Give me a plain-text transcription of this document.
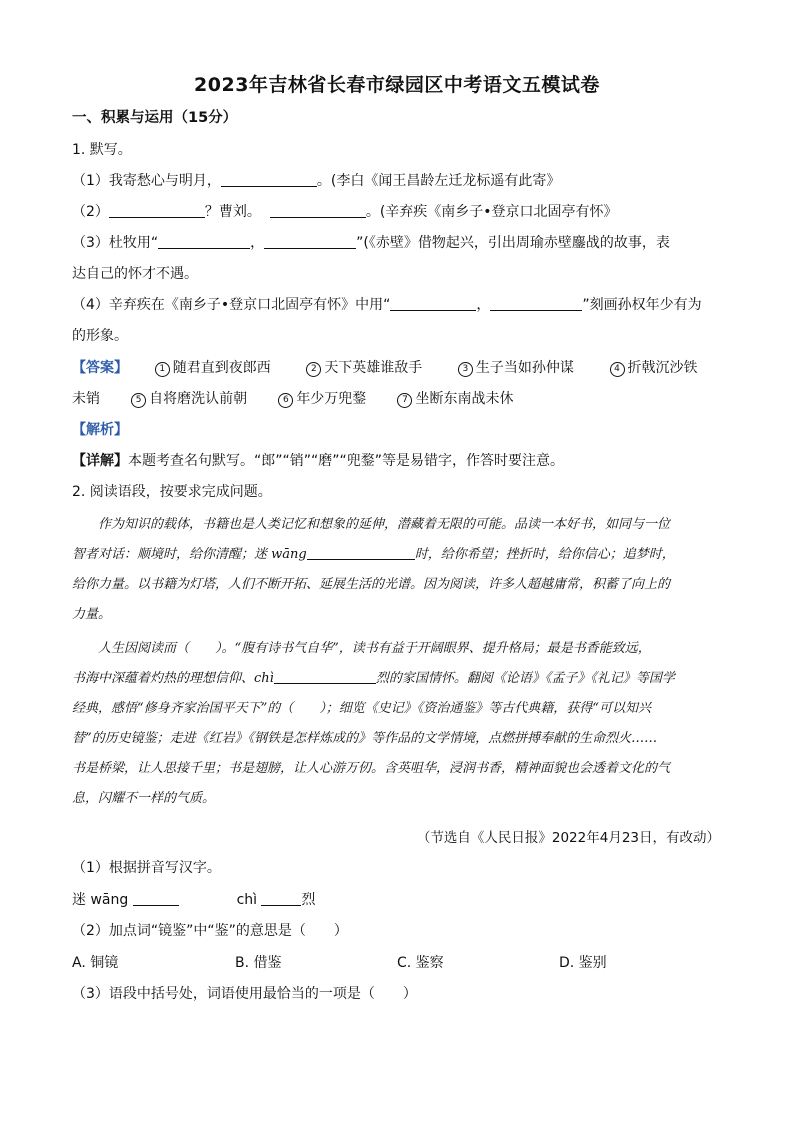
2023年吉林省长春市绿园区中考语文五模试卷
一、积累与运用（15分）
1. 默写。
（1）我寄愁心与明月，	。(李白《闻王昌龄左迁龙标遥有此寄》
（2）	？曹刘。	。(辛弃疾《南乡子•登京口北固亭有怀》
（3）杜牧用“	，	”(《赤壁》借物起兴，引出周瑜赤壁鏖战的故事，表
达自己的怀才不遇。
（4）辛弃疾在《南乡子•登京口北固亭有怀》中用“	，	”刻画孙权年少有为
的形象。
【答案】	1 随君直到夜郎西	2 天下英雄谁敌手	3 生子当如孙仲谋	4 折戟沉沙铁
未销	5 自将磨洗认前朝	6 年少万兜鍪	7 坐断东南战未休
【解析】
【详解】本题考查名句默写。“郎”“销”“磨”“兜鍪”等是易错字，作答时要注意。
2. 阅读语段，按要求完成问题。
作为知识的载体，书籍也是人类记忆和想象的延伸，潜藏着无限的可能。品读一本好书，如同与一位
智者对话：顺境时，给你清醒；迷 wāng	时，给你希望；挫折时，给你信心；追梦时，
给你力量。以书籍为灯塔，人们不断开拓、延展生活的光谱。因为阅读，许多人超越庸常，积蓄了向上的
力量。
人生因阅读而（　　）。“腹有诗书气自华”，读书有益于开阔眼界、提升格局；最是书香能致远，
书海中深蕴着灼热的理想信仰、chì	烈的家国情怀。翻阅《论语》《孟子》《礼记》等国学
经典，感悟“修身齐家治国平天下”的（　　）；细览《史记》《资治通鉴》等古代典籍，获得“可以知兴
替”的历史镜鉴 ·；走进《红岩》《钢铁是怎样炼成的》等作品的文学情境，点燃拼搏奉献的生命烈火……
书是桥梁，让人思接千里；书是翅膀，让人心游万仞。含英咀华，浸润书香，精神面貌也会透着文化的气
息，闪耀不一样的气质。
（节选自《人民日报》2022年4月23日，有改动）
（1）根据拼音写汉字。
迷 wāng	chì	烈
（2）加点词“镜鉴”中“鉴”的意思是（　　）
A. 铜镜	B. 借鉴	C. 鉴察	D. 鉴别
（3）语段中括号处，词语使用最恰当的一项是（　　）
